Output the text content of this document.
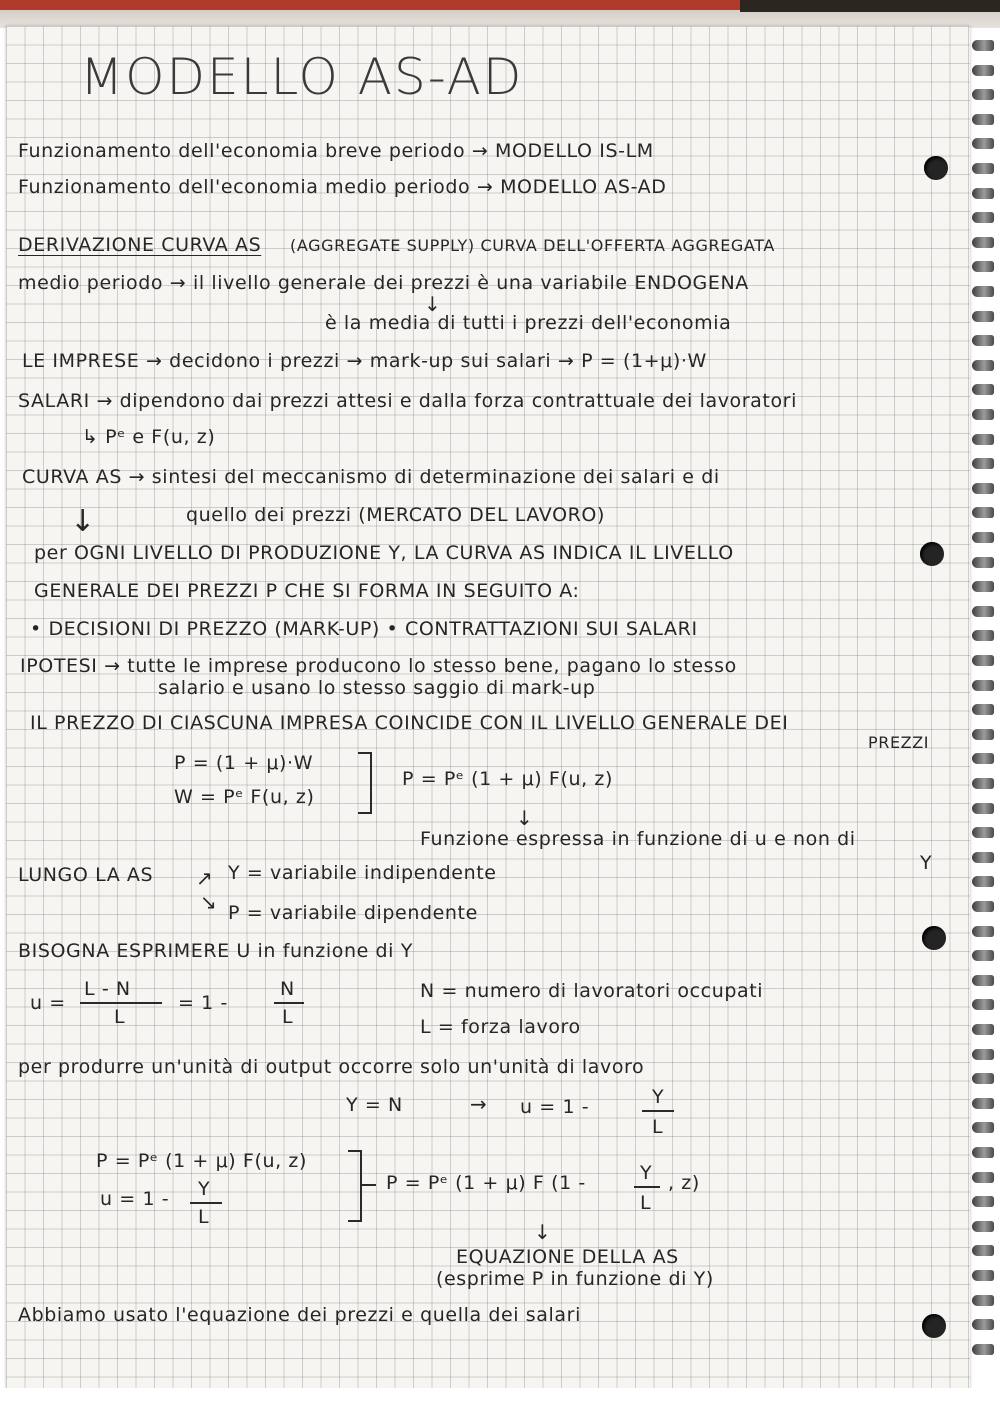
MODELLO AS-AD
Funzionamento dell'economia breve periodo → MODELLO IS-LM
Funzionamento dell'economia medio periodo → MODELLO AS-AD
DERIVAZIONE CURVA AS (AGGREGATE SUPPLY) CURVA DELL'OFFERTA AGGREGATA
medio periodo → il livello generale dei prezzi è una variabile ENDOGENA
↓
è la media di tutti i prezzi dell'economia
LE IMPRESE → decidono i prezzi → mark-up sui salari → P = (1+μ)·W
SALARI → dipendono dai prezzi attesi e dalla forza contrattuale dei lavoratori
↳ Pᵉ e F(u, z)
CURVA AS → sintesi del meccanismo di determinazione dei salari e di
↓	quello dei prezzi (MERCATO DEL LAVORO)
per OGNI LIVELLO DI PRODUZIONE Y, LA CURVA AS INDICA IL LIVELLO
GENERALE DEI PREZZI P CHE SI FORMA IN SEGUITO A:
• DECISIONI DI PREZZO (MARK-UP) • CONTRATTAZIONI SUI SALARI
IPOTESI → tutte le imprese producono lo stesso bene, pagano lo stesso
salario e usano lo stesso saggio di mark-up
IL PREZZO DI CIASCUNA IMPRESA COINCIDE CON IL LIVELLO GENERALE DEI
PREZZI
P = (1 + μ)·W
W = Pᵉ F(u, z)
P = Pᵉ (1 + μ) F(u, z)
↓
Funzione espressa in funzione di u e non di
Y
LUNGO LA AS	Y = variabile indipendente
P = variabile dipendente
↗
↘
BISOGNA ESPRIMERE U in funzione di Y
u =
L - N
L
= 1 -
N
L
N = numero di lavoratori occupati
L = forza lavoro
per produrre un'unità di output occorre solo un'unità di lavoro
Y = N	→ u = 1 -	Y
L
P = Pᵉ (1 + μ) F(u, z)
u = 1 - Y
L
P = Pᵉ (1 + μ) F (1 -	Y
L
, z)
↓
EQUAZIONE DELLA AS
(esprime P in funzione di Y)
Abbiamo usato l'equazione dei prezzi e quella dei salari
